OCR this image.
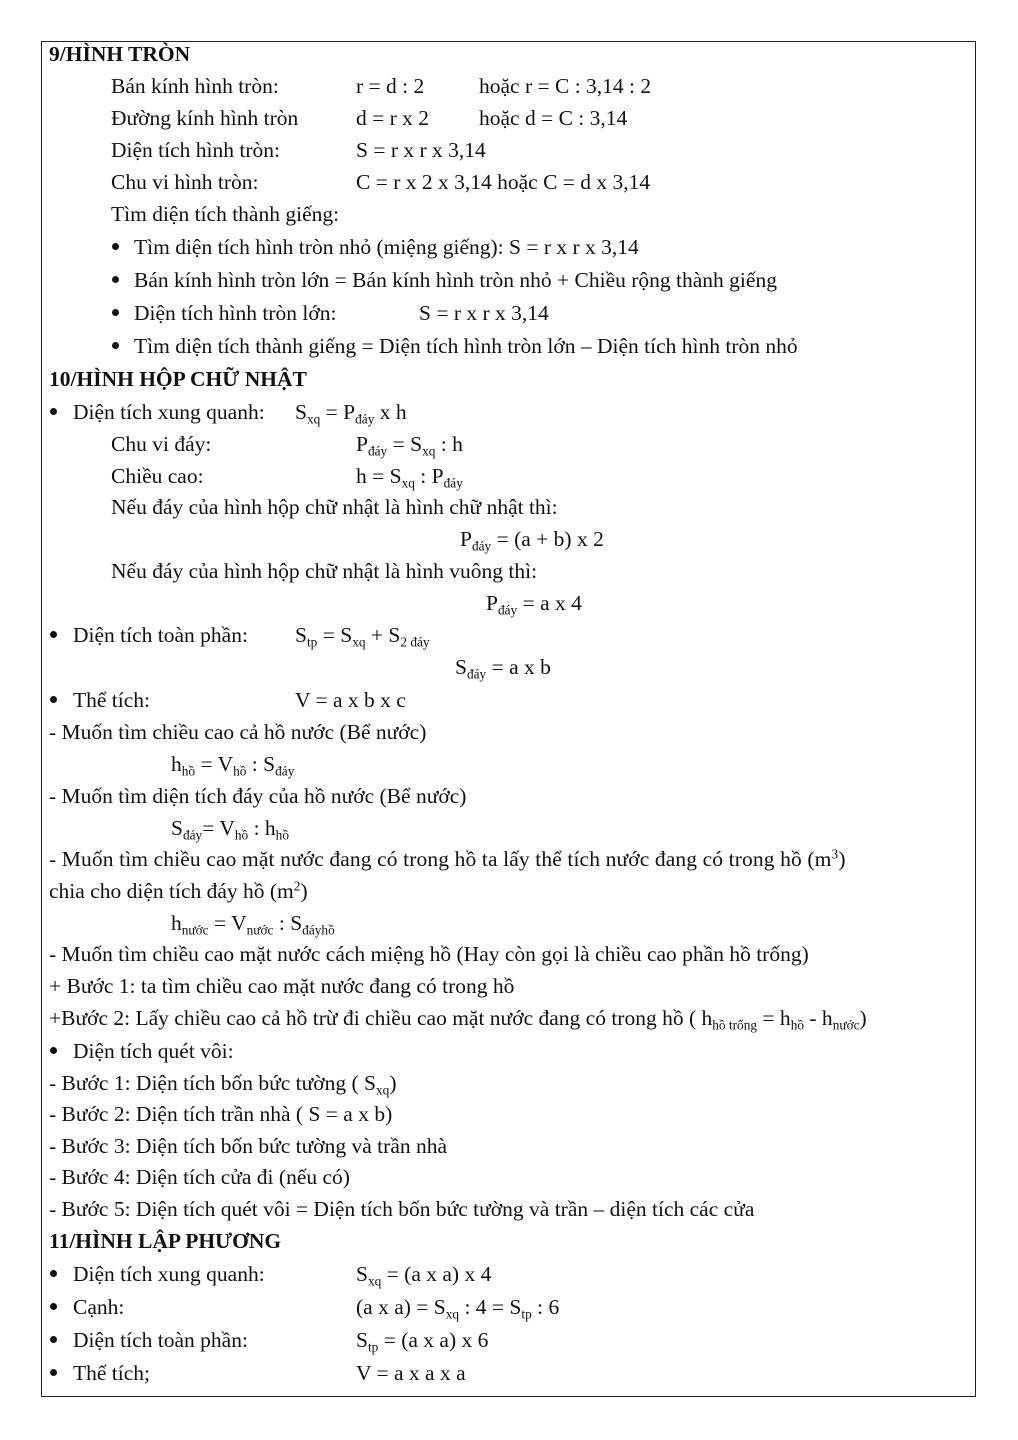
9/HÌNH TRÒN
Bán kính hình tròn:	r = d : 2	hoặc r = C : 3,14 : 2
Đường kính hình tròn	d = r x 2 hoặc d = C : 3,14
Diện tích hình tròn:	S = r x r x 3,14
Chu vi hình tròn:	C = r x 2 x 3,14 hoặc C = d x 3,14
Tìm diện tích thành giếng:
Tìm diện tích hình tròn nhỏ (miệng giếng): S = r x r x 3,14
Bán kính hình tròn lớn = Bán kính hình tròn nhỏ + Chiều rộng thành giếng
Diện tích hình tròn lớn:	S = r x r x 3,14
Tìm diện tích thành giếng = Diện tích hình tròn lớn – Diện tích hình tròn nhỏ
10/HÌNH HỘP CHỮ NHẬT
Diện tích xung quanh: $S_{xq} = P_{đáy}$ x h
Chu vi đáy:	$P_{đáy} = S_{xq}$ : h
Chiều cao:	$h = S_{xq}$ : $P_{đáy}$
Nếu đáy của hình hộp chữ nhật là hình chữ nhật thì:
$P_{đáy} = (a + b)$ x 2
Nếu đáy của hình hộp chữ nhật là hình vuông thì:
$P_{đáy} = a$ x 4
Diện tích toàn phần: $S_{tp} = S_{xq} + S_{2 đáy}$
$S_{đáy} = a$ x b
Thể tích:	V = a x b x c
- Muốn tìm chiều cao cả hồ nước (Bể nước)
$h_{hồ} = V_{hồ}$ : $S_{đáy}$
- Muốn tìm diện tích đáy của hồ nước (Bể nước)
$S_{đáy}= V_{hồ}$ : $h_{hồ}$
- Muốn tìm chiều cao mặt nước đang có trong hồ ta lấy thể tích nước đang có trong hồ $(m^3)$
chia cho diện tích đáy hồ $(m^2)$
$h_{nước} = V_{nước}$ : $S_{đáyhồ}$
- Muốn tìm chiều cao mặt nước cách miệng hồ (Hay còn gọi là chiều cao phần hồ trống)
+ Bước 1: ta tìm chiều cao mặt nước đang có trong hồ
+Bước 2: Lấy chiều cao cả hồ trừ đi chiều cao mặt nước đang có trong hồ ( $h_{hồ trống} = h_{hồ} - h_{nước}$)
Diện tích quét vôi:
- Bước 1: Diện tích bốn bức tường ( $S_{xq}$)
- Bước 2: Diện tích trần nhà ( S = a x b)
- Bước 3: Diện tích bốn bức tường và trần nhà
- Bước 4: Diện tích cửa đi (nếu có)
- Bước 5: Diện tích quét vôi = Diện tích bốn bức tường và trần – diện tích các cửa
11/HÌNH LẬP PHƯƠNG
Diện tích xung quanh:	$S_{xq} = (a$ x a) x 4
Cạnh:	(a x $a) = S_{xq}$ : $4 = S_{tp}$ : 6
Diện tích toàn phần:	$S_{tp} = (a$ x a) x 6
Thể tích;	V = a x a x a
